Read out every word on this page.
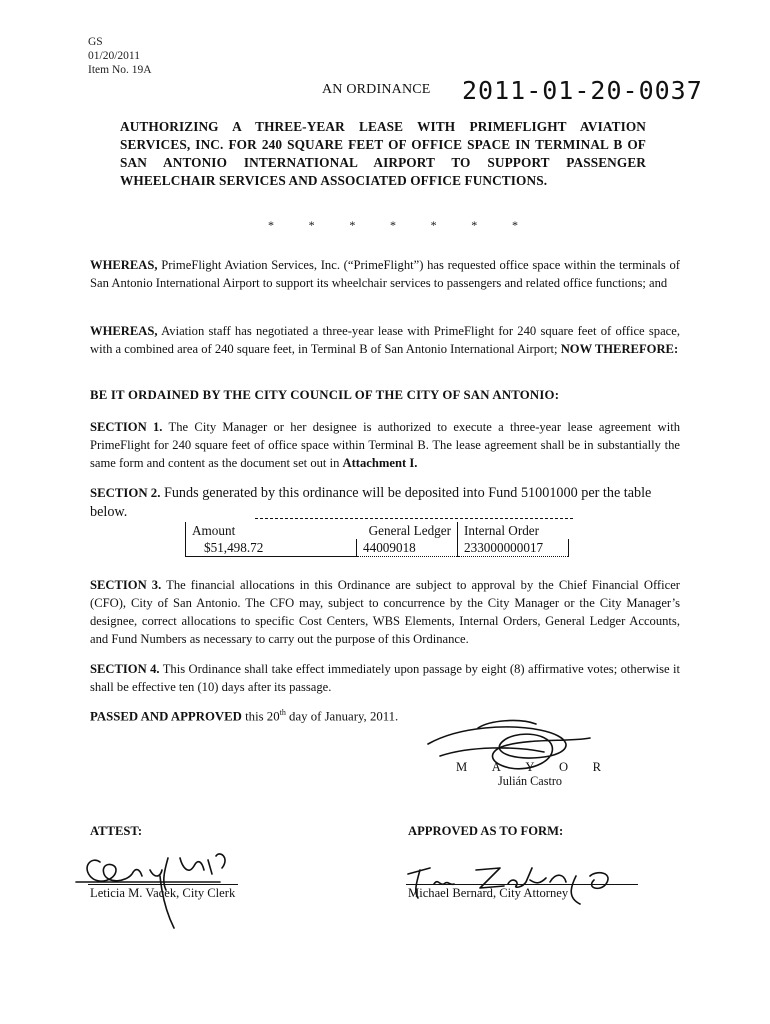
GS
01/20/2011
Item No. 19A
AN ORDINANCE 2011-01-20-0037
AUTHORIZING A THREE-YEAR LEASE WITH PRIMEFLIGHT AVIATION SERVICES, INC. FOR 240 SQUARE FEET OF OFFICE SPACE IN TERMINAL B OF SAN ANTONIO INTERNATIONAL AIRPORT TO SUPPORT PASSENGER WHEELCHAIR SERVICES AND ASSOCIATED OFFICE FUNCTIONS.
*	*	*	*	*	*	*
WHEREAS, PrimeFlight Aviation Services, Inc. (“PrimeFlight”) has requested office space within the terminals of San Antonio International Airport to support its wheelchair services to passengers and related office functions; and
WHEREAS, Aviation staff has negotiated a three-year lease with PrimeFlight for 240 square feet of office space, with a combined area of 240 square feet, in Terminal B of San Antonio International Airport; NOW THEREFORE:
BE IT ORDAINED BY THE CITY COUNCIL OF THE CITY OF SAN ANTONIO:
SECTION 1. The City Manager or her designee is authorized to execute a three-year lease agreement with PrimeFlight for 240 square feet of office space within Terminal B. The lease agreement shall be in substantially the same form and content as the document set out in Attachment I.
SECTION 2. Funds generated by this ordinance will be deposited into Fund 51001000 per the table below.
Amount	General Ledger	Internal Order
$51,498.72	44009018	233000000017
SECTION 3. The financial allocations in this Ordinance are subject to approval by the Chief Financial Officer (CFO), City of San Antonio. The CFO may, subject to concurrence by the City Manager or the City Manager’s designee, correct allocations to specific Cost Centers, WBS Elements, Internal Orders, General Ledger Accounts, and Fund Numbers as necessary to carry out the purpose of this Ordinance.
SECTION 4. This Ordinance shall take effect immediately upon passage by eight (8) affirmative votes; otherwise it shall be effective ten (10) days after its passage.
PASSED AND APPROVED this 20th day of January, 2011.
M A Y O R
Julián Castro
ATTEST:
Leticia M. Vacek, City Clerk
APPROVED AS TO FORM:
Michael Bernard, City Attorney
